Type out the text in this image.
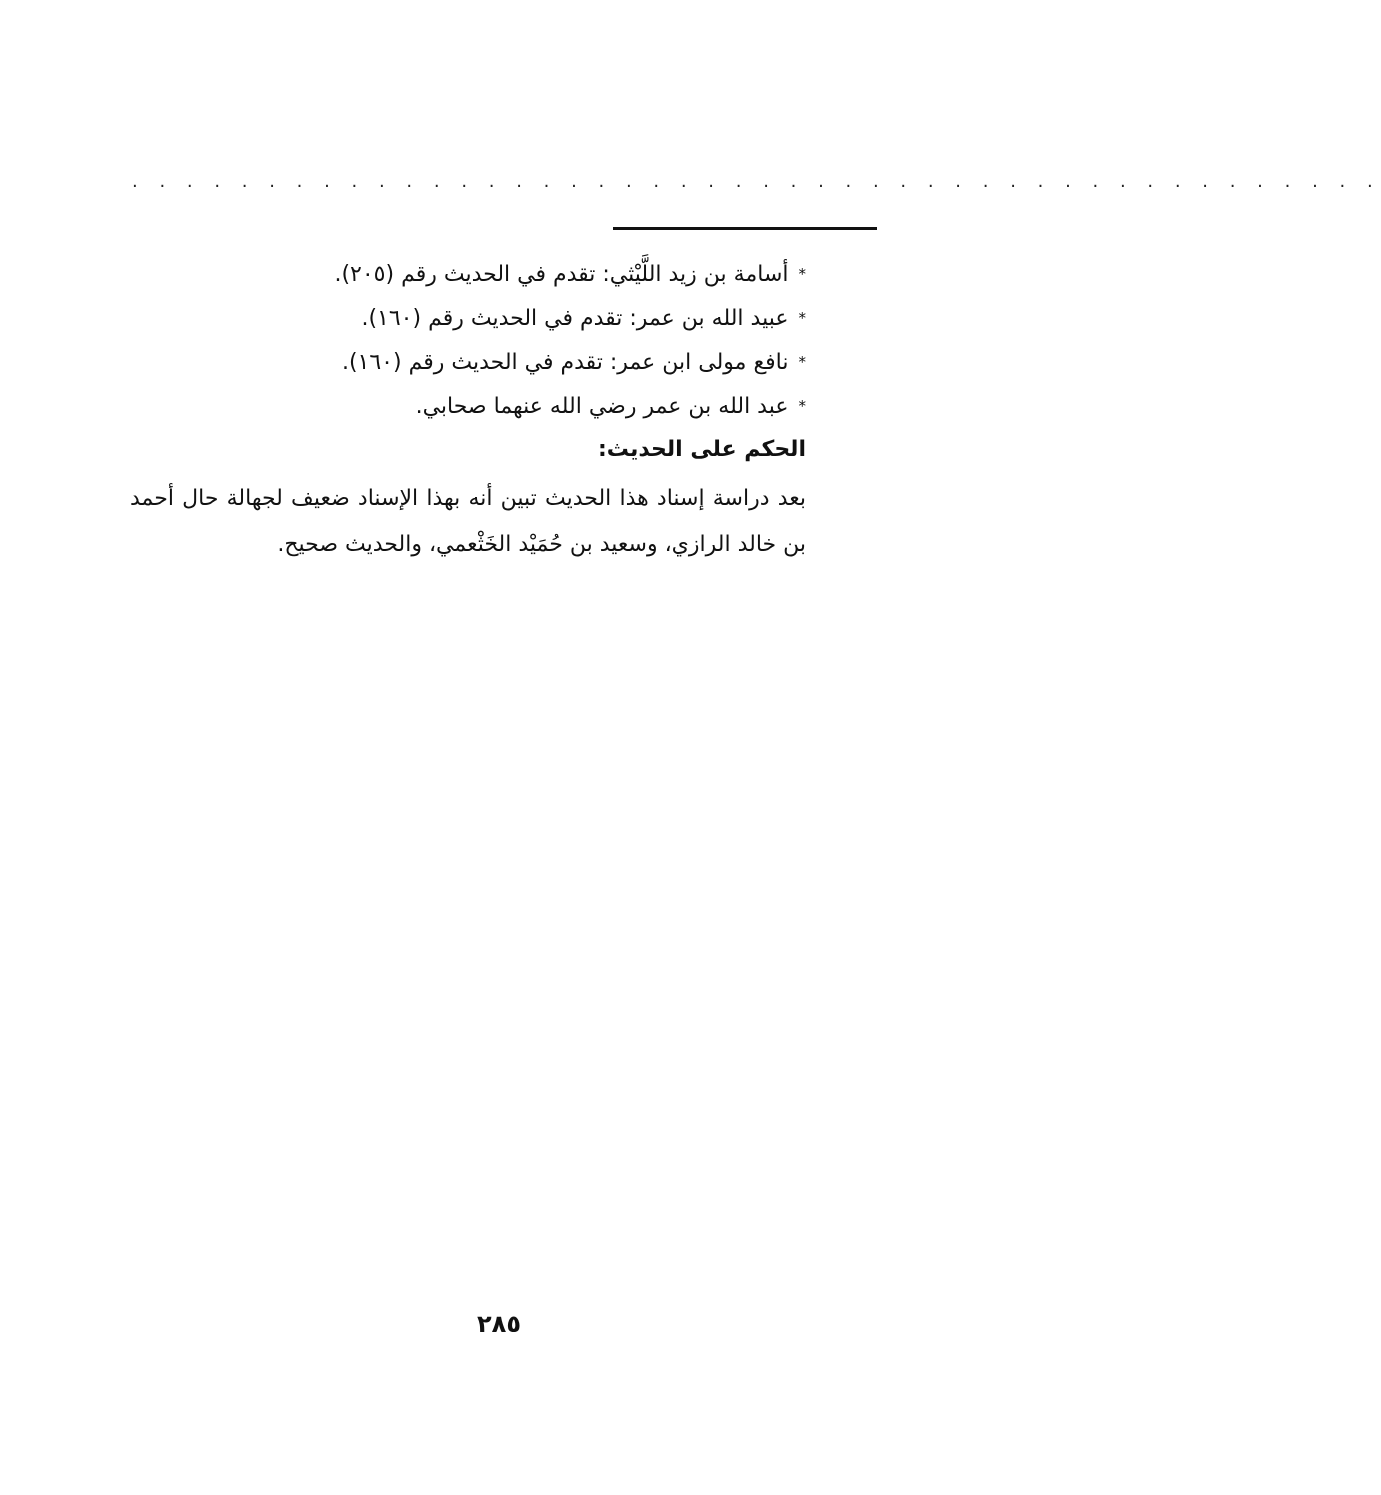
. . . . . . . . . . . . . . . . . . . . . . . . . . . . . . . . . . . . . . . . . . . . . .
*أسامة بن زيد اللَّيْثي: تقدم في الحديث رقم (٢٠٥).
*عبيد الله بن عمر: تقدم في الحديث رقم (١٦٠).
*نافع مولى ابن عمر: تقدم في الحديث رقم (١٦٠).
*عبد الله بن عمر رضي الله عنهما صحابي.
الحكم على الحديث:
بعد دراسة إسناد هذا الحديث تبين أنه بهذا الإسناد ضعيف لجهالة حال أحمد بن خالد الرازي، وسعيد بن حُمَيْد الخَثْعمي، والحديث صحيح.
٢٨٥
